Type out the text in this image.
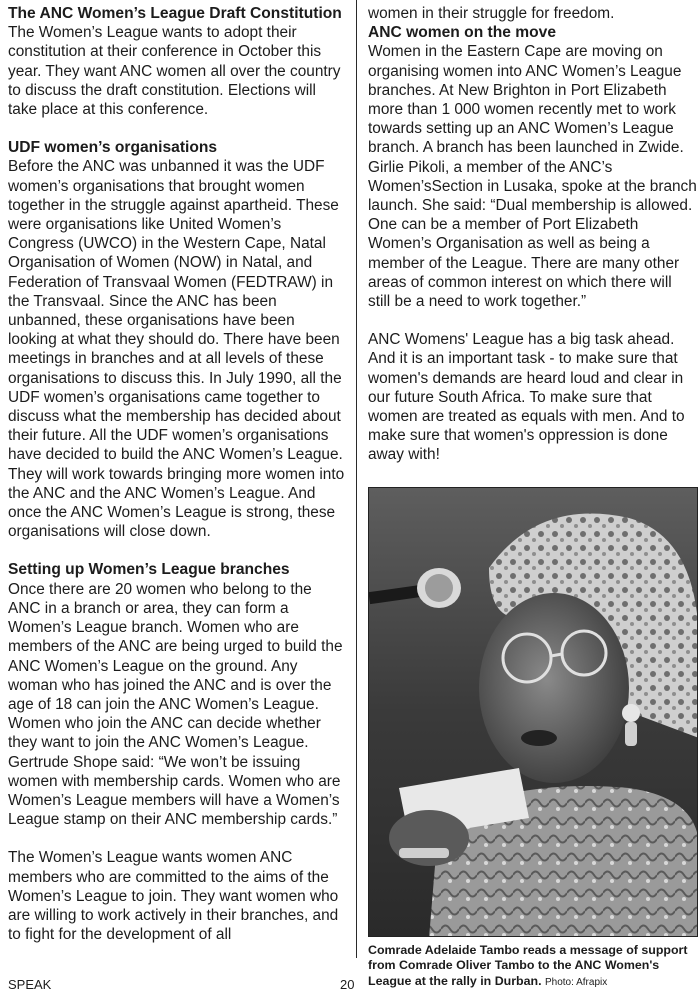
The ANC Women’s League Draft Constitution

The Women’s League wants to adopt their constitution at their conference in October this year. They want ANC women all over the country to discuss the draft constitution. Elections will take place at this conference.

UDF women’s organisations

Before the ANC was unbanned it was the UDF women’s organisations that brought women together in the struggle against apartheid. These were organisations like United Women’s Congress (UWCO) in the Western Cape, Natal Organisation of Women (NOW) in Natal, and Federation of Transvaal Women (FEDTRAW) in the Transvaal. Since the ANC has been unbanned, these organisations have been looking at what they should do. There have been meetings in branches and at all levels of these organisations to discuss this. In July 1990, all the UDF women’s organisations came together to discuss what the membership has decided about their future. All the UDF women’s organisations have decided to build the ANC Women’s League. They will work towards bringing more women into the ANC and the ANC Women’s League. And once the ANC Women’s League is strong, these organisations will close down.

Setting up Women’s League branches

Once there are 20 women who belong to the ANC in a branch or area, they can form a Women’s League branch. Women who are members of the ANC are being urged to build the ANC Women’s League on the ground. Any woman who has joined the ANC and is over the age of 18 can join the ANC Women’s League. Women who join the ANC can decide whether they want to join the ANC Women’s League. Gertrude Shope said: “We won’t be issuing women with membership cards. Women who are Women’s League members will have a Women’s League stamp on their ANC membership cards.”

The Women’s League wants women ANC members who are committed to the aims of the Women’s League to join. They want women who are willing to work actively in their branches, and to fight for the development of all

women in their struggle for freedom.

ANC women on the move

Women in the Eastern Cape are moving on organising women into ANC Women’s League branches. At New Brighton in Port Elizabeth more than 1 000 women recently met to work towards setting up an ANC Women’s League branch. A branch has been launched in Zwide. Girlie Pikoli, a member of the ANC’s Women’sSection in Lusaka, spoke at the branch launch. She said: “Dual membership is allowed. One can be a member of Port Elizabeth Women’s Organisation as well as being a member of the League. There are many other areas of common interest on which there will still be a need to work together.”

ANC Womens' League has a big task ahead. And it is an important task - to make sure that women's demands are heard loud and clear in our future South Africa. To make sure that women are treated as equals with men. And to make sure that women's oppression is done away with!

Comrade Adelaide Tambo reads a message of support from Comrade Oliver Tambo to the ANC Women's League at the rally in Durban. Photo: Afrapix

SPEAK	20
